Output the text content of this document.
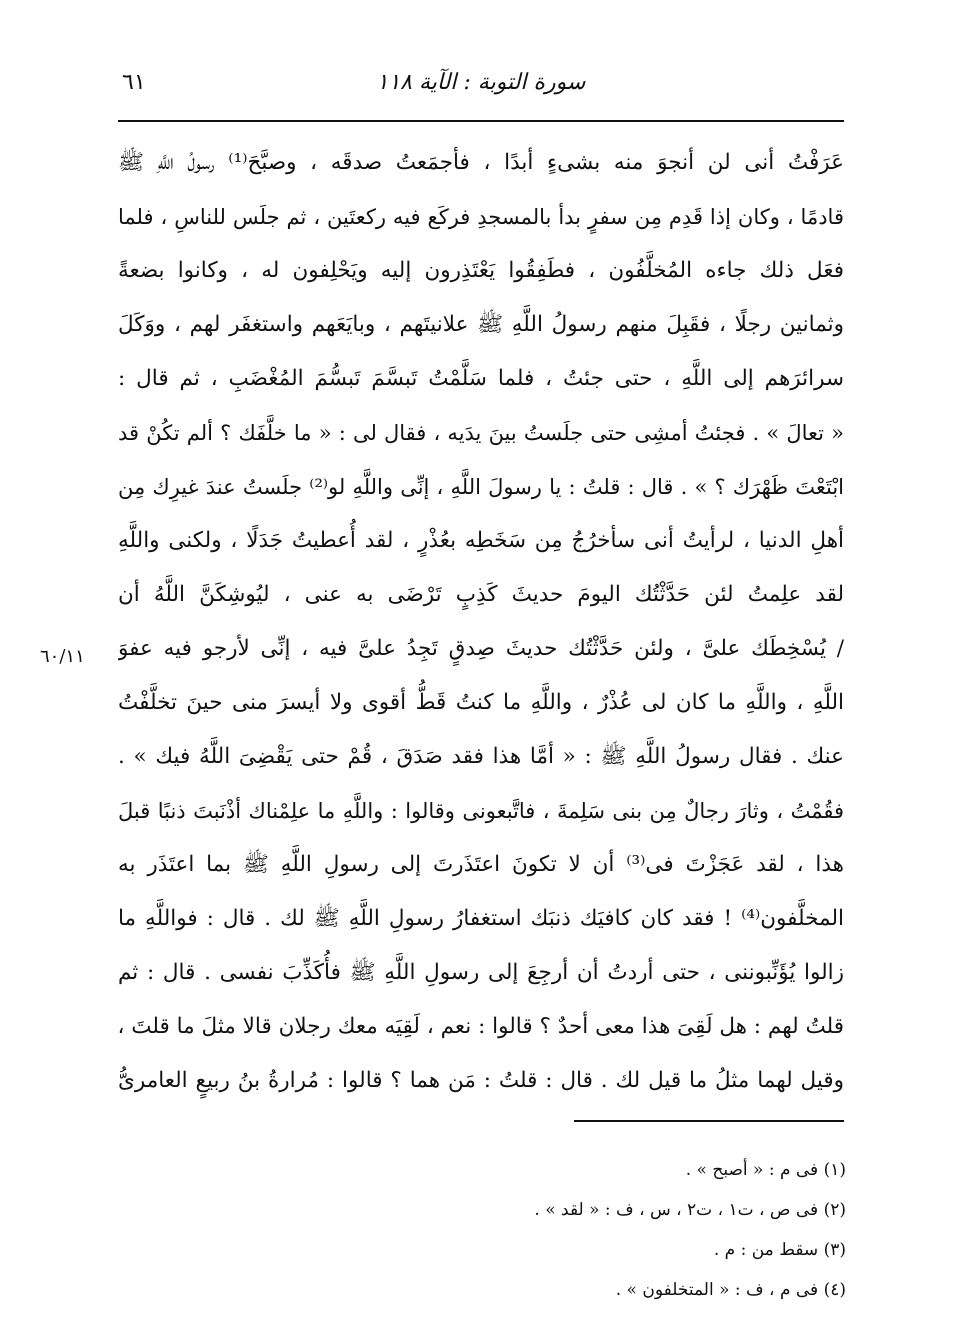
سورة التوبة : الآية ١١٨
٦١
٦٠/١١
عَرَفْتُ أنى لن أنجوَ منه بشىءٍ أبدًا ، فأجمَعتُ صدقَه ، وصبَّحَ⁽¹⁾ رسولُ اللَّهِ ﷺ
قادمًا ، وكان إذا قَدِم مِن سفرٍ بدأ بالمسجدِ فركَع فيه ركعتَين ، ثم جلَس للناسِ ، فلما
فعَل ذلك جاءه المُخلَّفُون ، فطَفِقُوا يَعْتَذِرون إليه ويَحْلِفون له ، وكانوا بضعةً
وثمانين رجلًا ، فقَبِلَ منهم رسولُ اللَّهِ ﷺ علانيتَهم ، وبايَعَهم واستغفَر لهم ، ووَكَلَ
سرائرَهم إلى اللَّهِ ، حتى جئتُ ، فلما سَلَّمْتُ تَبسَّمَ تَبسُّمَ المُغْضَبِ ، ثم قال :
« تعالَ » . فجئتُ أمشِى حتى جلَستُ بينَ يدَيه ، فقال لى : « ما خلَّفَك ؟ ألم تكُنْ قد
ابْتَعْتَ ظَهْرَك ؟ » . قال : قلتُ : يا رسولَ اللَّهِ ، إنِّى واللَّهِ لو⁽²⁾ جلَستُ عندَ غيرِك مِن
أهلِ الدنيا ، لرأيتُ أنى سأخرُجُ مِن سَخَطِه بعُذْرٍ ، لقد أُعطيتُ جَدَلًا ، ولكنى واللَّهِ
لقد علِمتُ لئن حَدَّثْتُك اليومَ حديثَ كَذِبٍ تَرْضَى به عنى ، ليُوشِكَنَّ اللَّهُ أن
/ يُسْخِطَك علىَّ ، ولئن حَدَّثْتُك حديثَ صِدقٍ تَجِدُ علىَّ فيه ، إنِّى لأرجو فيه عفوَ
اللَّهِ ، واللَّهِ ما كان لى عُذْرٌ ، واللَّهِ ما كنتُ قَطُّ أقوى ولا أيسرَ منى حينَ تخلَّفْتُ
عنك . فقال رسولُ اللَّهِ ﷺ : « أمَّا هذا فقد صَدَقَ ، قُمْ حتى يَقْضِىَ اللَّهُ فيك » .
فقُمْتُ ، وثارَ رجالٌ مِن بنى سَلِمةَ ، فاتَّبعونى وقالوا : واللَّهِ ما علِمْناك أذْنَبتَ ذنبًا قبلَ
هذا ، لقد عَجَزْتَ فى⁽³⁾ أن لا تكونَ اعتَذَرتَ إلى رسولِ اللَّهِ ﷺ بما اعتَذَر به
المخلَّفون⁽⁴⁾ ! فقد كان كافيَك ذنبَك استغفارُ رسولِ اللَّهِ ﷺ لك . قال : فواللَّهِ ما
زالوا يُؤَنِّبوننى ، حتى أردتُ أن أرجِعَ إلى رسولِ اللَّهِ ﷺ فأُكَذِّبَ نفسى . قال : ثم
قلتُ لهم : هل لَقِىَ هذا معى أحدٌ ؟ قالوا : نعم ، لَقِيَه معك رجلان قالا مثلَ ما قلتَ ،
وقيل لهما مثلُ ما قيل لك . قال : قلتُ : مَن هما ؟ قالوا : مُرارةُ بنُ ربيعٍ العامرىُّ
(١) فى م : « أصبح » .
(٢) فى ص ، ت١ ، ت٢ ، س ، ف : « لقد » .
(٣) سقط من : م .
(٤) فى م ، ف : « المتخلفون » .
